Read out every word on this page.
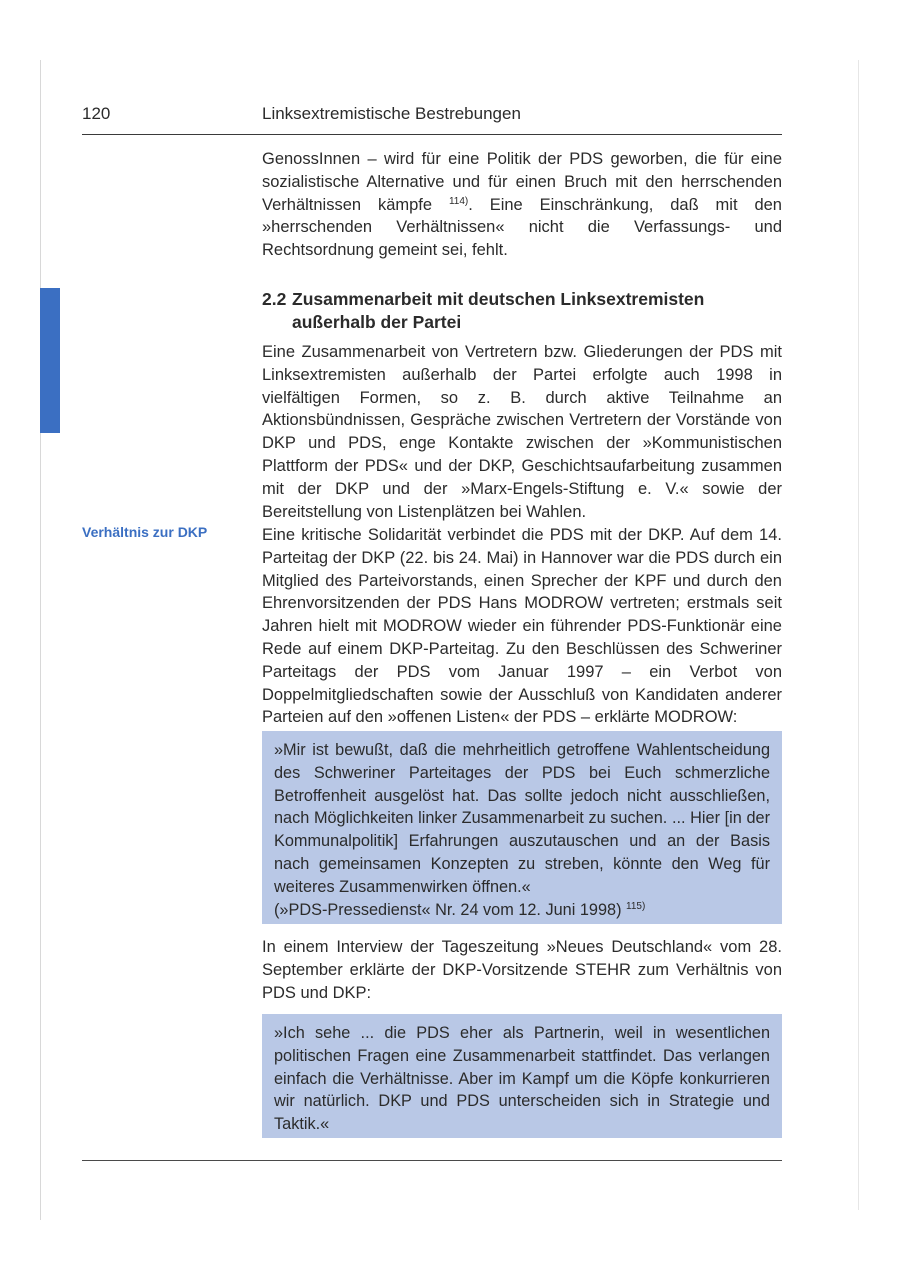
120	Linksextremistische Bestrebungen

GenossInnen – wird für eine Politik der PDS geworben, die für eine sozialistische Alternative und für einen Bruch mit den herrschenden Verhältnissen kämpfe $^{114)}$. Eine Einschränkung, daß mit den »herrschenden Verhältnissen« nicht die Verfassungs- und Rechtsordnung gemeint sei, fehlt.

2.2 Zusammenarbeit mit deutschen Linksextremisten außerhalb der Partei

Eine Zusammenarbeit von Vertretern bzw. Gliederungen der PDS mit Linksextremisten außerhalb der Partei erfolgte auch 1998 in vielfältigen Formen, so z. B. durch aktive Teilnahme an Aktionsbündnissen, Gespräche zwischen Vertretern der Vorstände von DKP und PDS, enge Kontakte zwischen der »Kommunistischen Plattform der PDS« und der DKP, Geschichtsaufarbeitung zusammen mit der DKP und der »Marx-Engels-Stiftung e. V.« sowie der Bereitstellung von Listenplätzen bei Wahlen.

Verhältnis zur DKP	Eine kritische Solidarität verbindet die PDS mit der DKP. Auf dem 14. Parteitag der DKP (22. bis 24. Mai) in Hannover war die PDS durch ein Mitglied des Parteivorstands, einen Sprecher der KPF und durch den Ehrenvorsitzenden der PDS Hans MODROW vertreten; erstmals seit Jahren hielt mit MODROW wieder ein führender PDS-Funktionär eine Rede auf einem DKP-Parteitag. Zu den Beschlüssen des Schweriner Parteitags der PDS vom Januar 1997 – ein Verbot von Doppelmitgliedschaften sowie der Ausschluß von Kandidaten anderer Parteien auf den »offenen Listen« der PDS – erklärte MODROW:

»Mir ist bewußt, daß die mehrheitlich getroffene Wahlentscheidung des Schweriner Parteitages der PDS bei Euch schmerzliche Betroffenheit ausgelöst hat. Das sollte jedoch nicht ausschließen, nach Möglichkeiten linker Zusammenarbeit zu suchen. ... Hier [in der Kommunalpolitik] Erfahrungen auszutauschen und an der Basis nach gemeinsamen Konzepten zu streben, könnte den Weg für weiteres Zusammenwirken öffnen.«

(»PDS-Pressedienst« Nr. 24 vom 12. Juni 1998) $^{115)}$

In einem Interview der Tageszeitung »Neues Deutschland« vom 28. September erklärte der DKP-Vorsitzende STEHR zum Verhältnis von PDS und DKP:

»Ich sehe ... die PDS eher als Partnerin, weil in wesentlichen politischen Fragen eine Zusammenarbeit stattfindet. Das verlangen einfach die Verhältnisse. Aber im Kampf um die Köpfe konkurrieren wir natürlich. DKP und PDS unterscheiden sich in Strategie und Taktik.«
